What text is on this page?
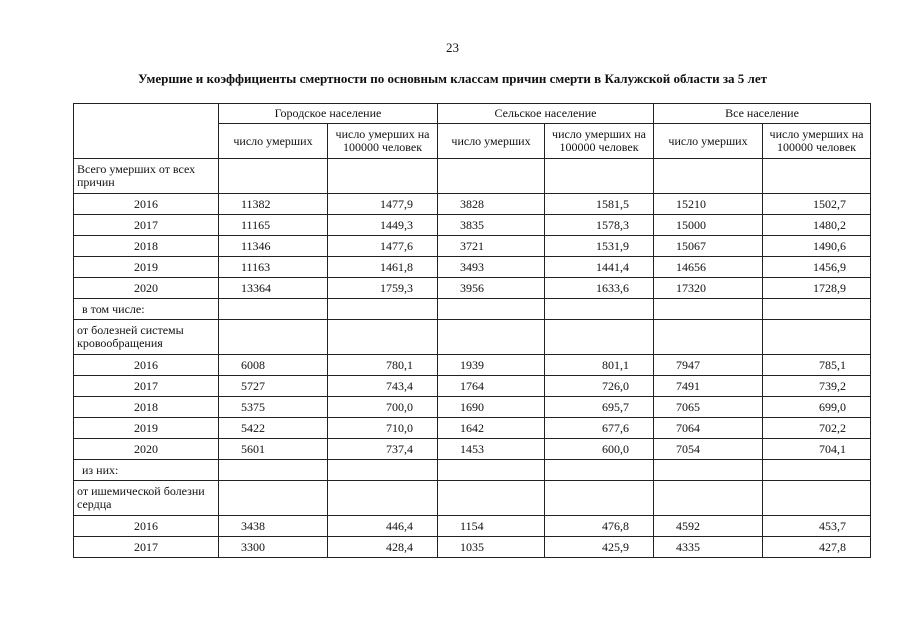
23
Умершие и коэффициенты смертности по основным классам причин смерти в Калужской области за 5 лет
	Городское население		Сельское население		Все население	
	число умерших	число умерших на 100000 человек	число умерших	число умерших на 100000 человек	число умерших	число умерших на 100000 человек
Всего умерших от всех причин						
2016	11382	1477,9	3828	1581,5	15210	1502,7
2017	11165	1449,3	3835	1578,3	15000	1480,2
2018	11346	1477,6	3721	1531,9	15067	1490,6
2019	11163	1461,8	3493	1441,4	14656	1456,9
2020	13364	1759,3	3956	1633,6	17320	1728,9
в том числе:						
от болезней системы кровообращения						
2016	6008	780,1	1939	801,1	7947	785,1
2017	5727	743,4	1764	726,0	7491	739,2
2018	5375	700,0	1690	695,7	7065	699,0
2019	5422	710,0	1642	677,6	7064	702,2
2020	5601	737,4	1453	600,0	7054	704,1
из них:						
от ишемической болезни сердца						
2016	3438	446,4	1154	476,8	4592	453,7
2017	3300	428,4	1035	425,9	4335	427,8
